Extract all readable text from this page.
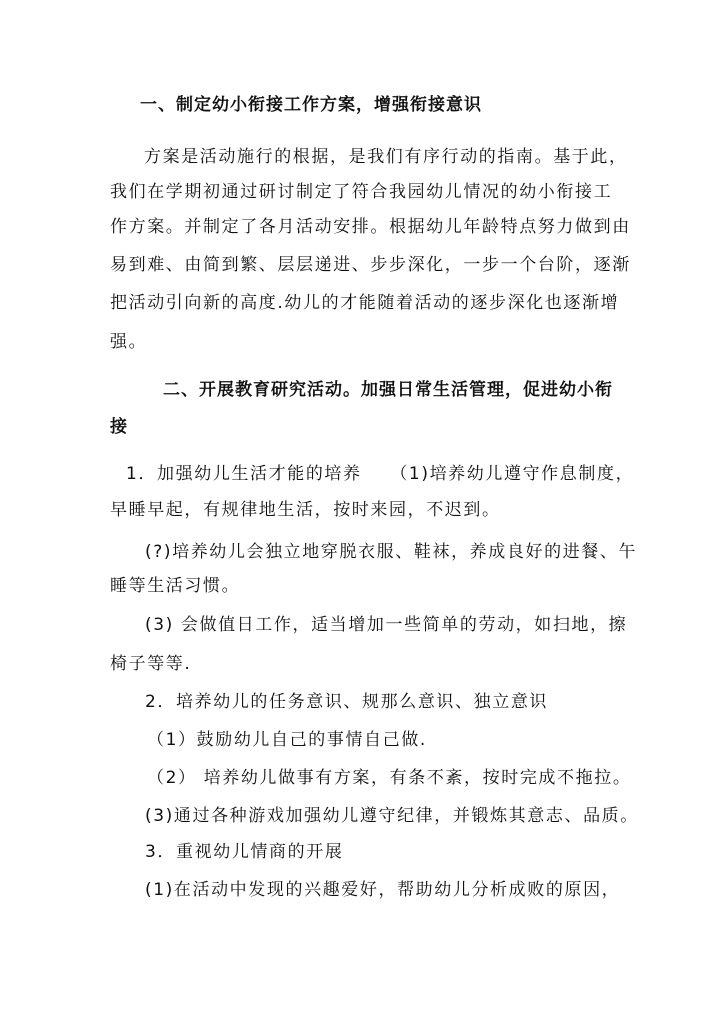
一、制定幼小衔接工作方案，增强衔接意识
方案是活动施行的根据，是我们有序行动的指南。基于此，
我们在学期初通过研讨制定了符合我园幼儿情况的幼小衔接工
作方案。并制定了各月活动安排。根据幼儿年龄特点努力做到由
易到难、由简到繁、层层递进、步步深化，一步一个台阶，逐渐
把活动引向新的高度.幼儿的才能随着活动的逐步深化也逐渐增
强。
二、开展教育研究活动。加强日常生活管理，促进幼小衔
接
1．加强幼儿生活才能的培养　　（1)培养幼儿遵守作息制度，
早睡早起，有规律地生活，按时来园，不迟到。
(?)培养幼儿会独立地穿脱衣服、鞋袜，养成良好的进餐、午
睡等生活习惯。
(3) 会做值日工作，适当增加一些简单的劳动，如扫地，擦
椅子等等.
2．培养幼儿的任务意识、规那么意识、独立意识
（1）鼓励幼儿自己的事情自己做.
（2） 培养幼儿做事有方案，有条不紊，按时完成不拖拉。
(3)通过各种游戏加强幼儿遵守纪律，并锻炼其意志、品质。
3．重视幼儿情商的开展
(1)在活动中发现的兴趣爱好，帮助幼儿分析成败的原因，
